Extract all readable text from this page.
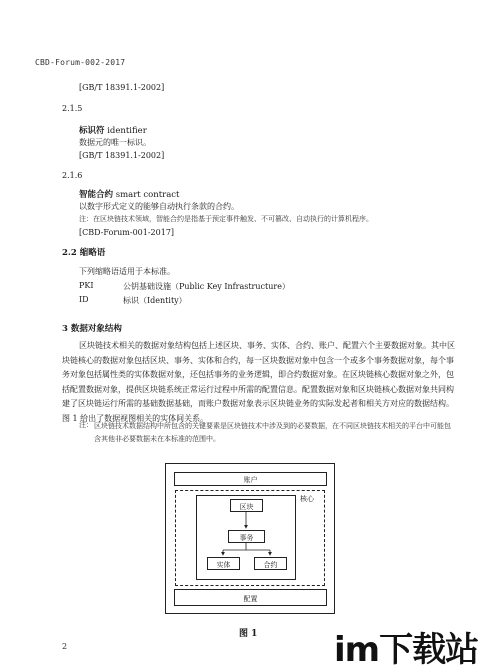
CBD-Forum-002-2017
[GB/T 18391.1-2002]
2.1.5
标识符 identifier
数据元的唯一标识。
[GB/T 18391.1-2002]
2.1.6
智能合约 smart contract
以数字形式定义的能够自动执行条款的合约。
注：在区块链技术领域，智能合约是指基于预定事件触发、不可篡改、自动执行的计算机程序。
[CBD-Forum-001-2017]
2.2 缩略语
下列缩略语适用于本标准。
PKI	公钥基础设施（Public Key Infrastructure）
ID	标识（Identity）
3 数据对象结构
区块链技术相关的数据对象结构包括上述区块、事务、实体、合约、账户、配置六个主要数据对象。其中区块链核心的数据对象包括区块、事务、实体和合约，每一区块数据对象中包含一个或多个事务数据对象，每个事务对象包括属性类的实体数据对象，还包括事务的业务逻辑，即合约数据对象。在区块链核心数据对象之外，包括配置数据对象，提供区块链系统正常运行过程中所需的配置信息。配置数据对象和区块链核心数据对象共同构建了区块链运行所需的基础数据基础，而账户数据对象表示区块链业务的实际发起者和相关方对应的数据结构。图 1 给出了数据视图相关的实体间关系。
注： 区块链技术数据结构中所包含的关键要素是区块链技术中涉及到的必要数据，在不同区块链技术相关的平台中可能包含其他非必要数据未在本标准的范围中。
账户
核心
区块
事务
实体	合约
配置
图 1
2	im下载站
